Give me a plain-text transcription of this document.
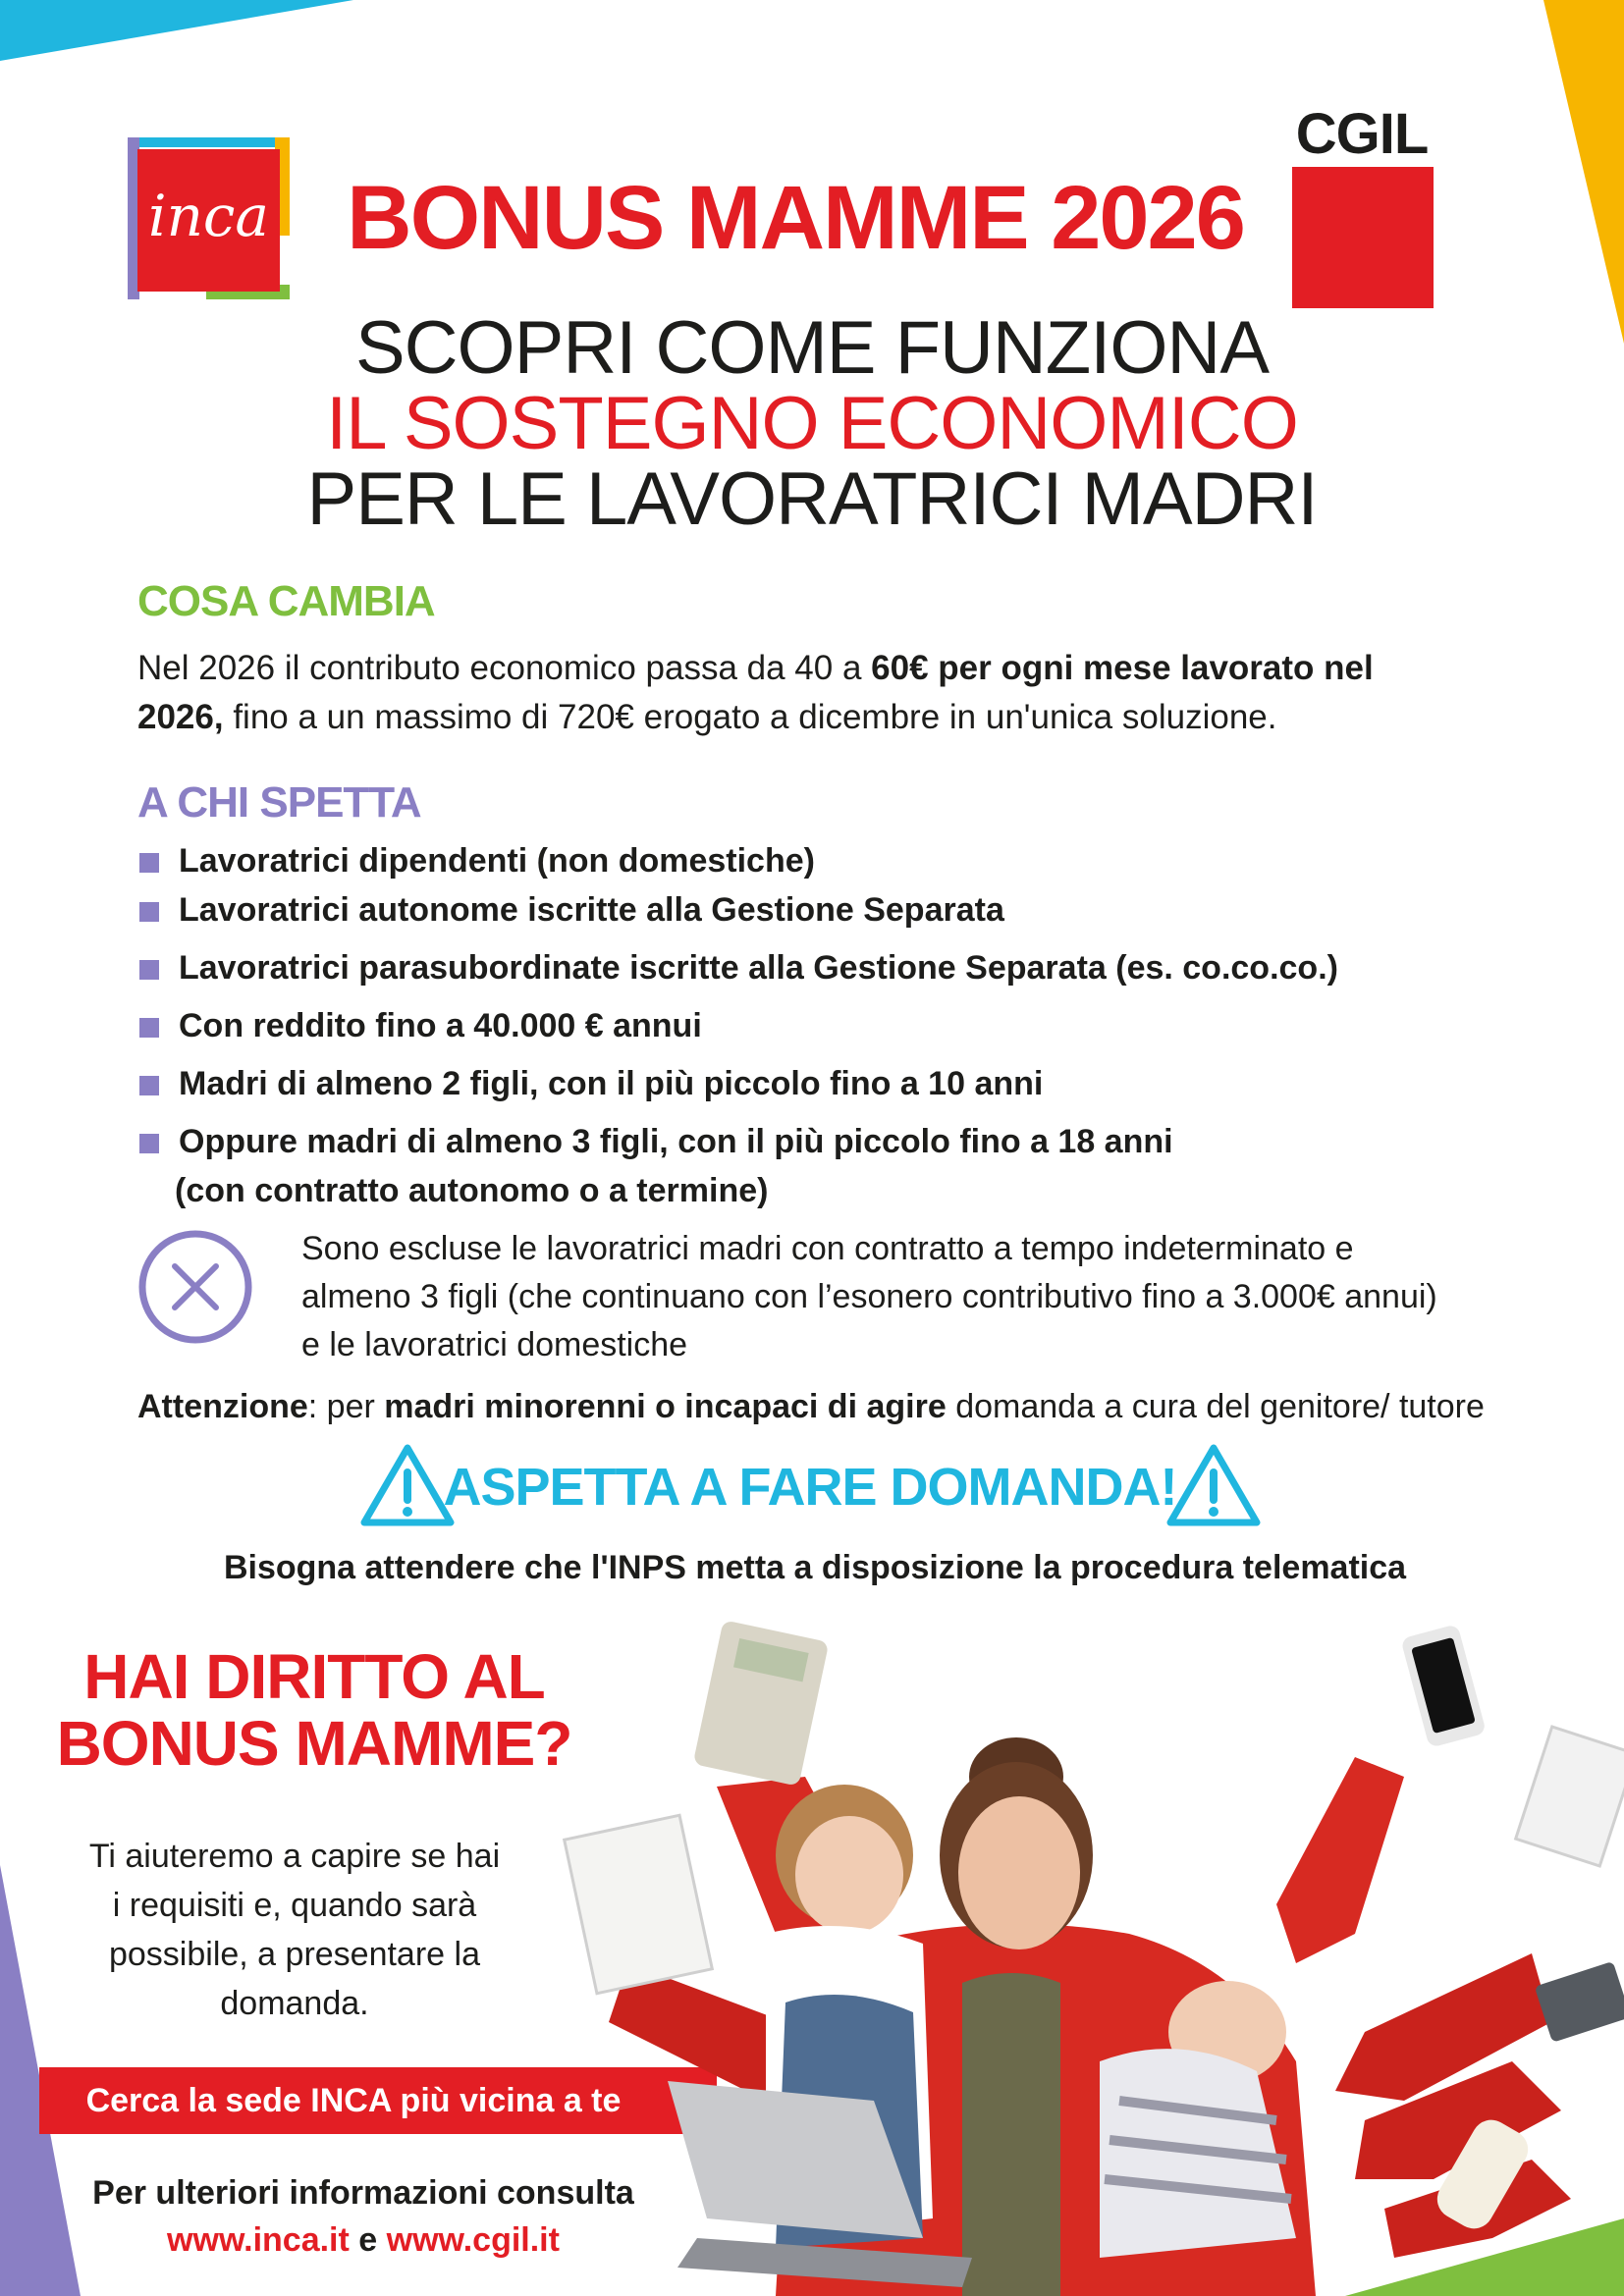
inca
CGIL
BONUS MAMME 2026
SCOPRI COME FUNZIONA
IL SOSTEGNO ECONOMICO
PER LE LAVORATRICI MADRI
COSA CAMBIA

Nel 2026 il contributo economico passa da 40 a 60€ per ogni mese lavorato nel 2026, fino a un massimo di 720€ erogato a dicembre in un'unica soluzione.

A CHI SPETTA
Lavoratrici dipendenti (non domestiche)
Lavoratrici autonome iscritte alla Gestione Separata
Lavoratrici parasubordinate iscritte alla Gestione Separata (es. co.co.co.)
Con reddito fino a 40.000 € annui
Madri di almeno 2 figli, con il più piccolo fino a 10 anni
Oppure madri di almeno 3 figli, con il più piccolo fino a 18 anni
(con contratto autonomo o a termine)

Sono escluse le lavoratrici madri con contratto a tempo indeterminato e almeno 3 figli (che continuano con l’esonero contributivo fino a 3.000€ annui) e le lavoratrici domestiche

Attenzione: per madri minorenni o incapaci di agire domanda a cura del genitore/ tutore

ASPETTA A FARE DOMANDA!

Bisogna attendere che l'INPS metta a disposizione la procedura telematica

HAI DIRITTO AL BONUS MAMME?

Ti aiuteremo a capire se hai i requisiti e, quando sarà possibile, a presentare la domanda.

Cerca la sede INCA più vicina a te

Per ulteriori informazioni consulta
www.inca.it e www.cgil.it
